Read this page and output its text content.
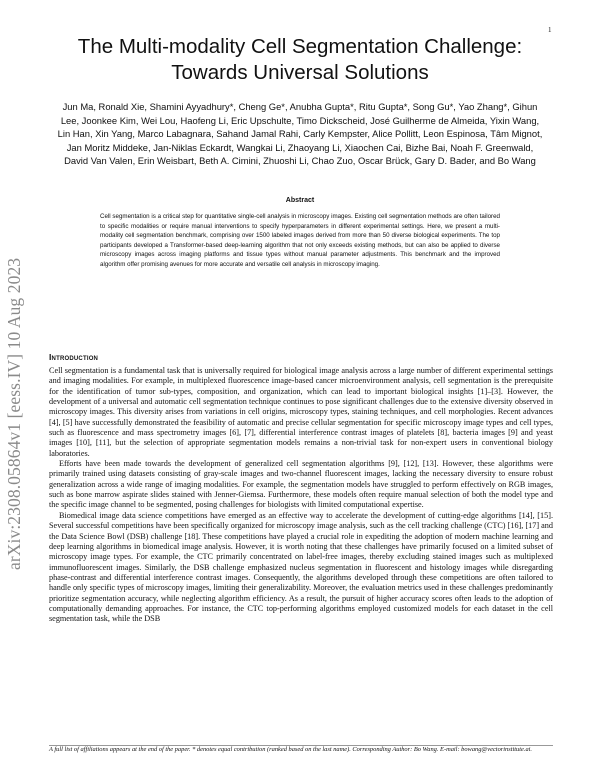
1
arXiv:2308.05864v1 [eess.IV] 10 Aug 2023
The Multi-modality Cell Segmentation Challenge: Towards Universal Solutions

Jun Ma, Ronald Xie, Shamini Ayyadhury*, Cheng Ge*, Anubha Gupta*, Ritu Gupta*, Song Gu*, Yao Zhang*, Gihun Lee, Joonkee Kim, Wei Lou, Haofeng Li, Eric Upschulte, Timo Dickscheid, José Guilherme de Almeida, Yixin Wang, Lin Han, Xin Yang, Marco Labagnara, Sahand Jamal Rahi, Carly Kempster, Alice Pollitt, Leon Espinosa, Tâm Mignot, Jan Moritz Middeke, Jan-Niklas Eckardt, Wangkai Li, Zhaoyang Li, Xiaochen Cai, Bizhe Bai, Noah F. Greenwald, David Van Valen, Erin Weisbart, Beth A. Cimini, Zhuoshi Li, Chao Zuo, Oscar Brück, Gary D. Bader, and Bo Wang

Abstract

Cell segmentation is a critical step for quantitative single-cell analysis in microscopy images. Existing cell segmentation methods are often tailored to specific modalities or require manual interventions to specify hyperparameters in different experimental settings. Here, we present a multi-modality cell segmentation benchmark, comprising over 1500 labeled images derived from more than 50 diverse biological experiments. The top participants developed a Transformer-based deep-learning algorithm that not only exceeds existing methods, but can also be applied to diverse microscopy images across imaging platforms and tissue types without manual parameter adjustments. This benchmark and the improved algorithm offer promising avenues for more accurate and versatile cell analysis in microscopy imaging.

Introduction

Cell segmentation is a fundamental task that is universally required for biological image analysis across a large number of different experimental settings and imaging modalities. For example, in multiplexed fluorescence image-based cancer microenvironment analysis, cell segmentation is the prerequisite for the identification of tumor sub-types, composition, and organization, which can lead to important biological insights [1]–[3]. However, the development of a universal and automatic cell segmentation technique continues to pose significant challenges due to the extensive diversity observed in microscopy images. This diversity arises from variations in cell origins, microscopy types, staining techniques, and cell morphologies. Recent advances [4], [5] have successfully demonstrated the feasibility of automatic and precise cellular segmentation for specific microscopy image types and cell types, such as fluorescence and mass spectrometry images [6], [7], differential interference contrast images of platelets [8], bacteria images [9] and yeast images [10], [11], but the selection of appropriate segmentation models remains a non-trivial task for non-expert users in conventional biology laboratories.

Efforts have been made towards the development of generalized cell segmentation algorithms [9], [12], [13]. However, these algorithms were primarily trained using datasets consisting of gray-scale images and two-channel fluorescent images, lacking the necessary diversity to ensure robust generalization across a wide range of imaging modalities. For example, the segmentation models have struggled to perform effectively on RGB images, such as bone marrow aspirate slides stained with Jenner-Giemsa. Furthermore, these models often require manual selection of both the model type and the specific image channel to be segmented, posing challenges for biologists with limited computational expertise.

Biomedical image data science competitions have emerged as an effective way to accelerate the development of cutting-edge algorithms [14], [15]. Several successful competitions have been specifically organized for microscopy image analysis, such as the cell tracking challenge (CTC) [16], [17] and the Data Science Bowl (DSB) challenge [18]. These competitions have played a crucial role in expediting the adoption of modern machine learning and deep learning algorithms in biomedical image analysis. However, it is worth noting that these challenges have primarily focused on a limited subset of microscopy image types. For example, the CTC primarily concentrated on label-free images, thereby excluding stained images such as multiplexed immunofluorescent images. Similarly, the DSB challenge emphasized nucleus segmentation in fluorescent and histology images while disregarding phase-contrast and differential interference contrast images. Consequently, the algorithms developed through these competitions are often tailored to handle only specific types of microscopy images, limiting their generalizability. Moreover, the evaluation metrics used in these challenges predominantly prioritize segmentation accuracy, while neglecting algorithm efficiency. As a result, the pursuit of higher accuracy scores often leads to the adoption of computationally demanding approaches. For instance, the CTC top-performing algorithms employed customized models for each dataset in the cell segmentation task, while the DSB

A full list of affiliations appears at the end of the paper. * denotes equal contribution (ranked based on the last name). Corresponding Author: Bo Wang. E-mail: bowang@vectorinstitute.ai.
